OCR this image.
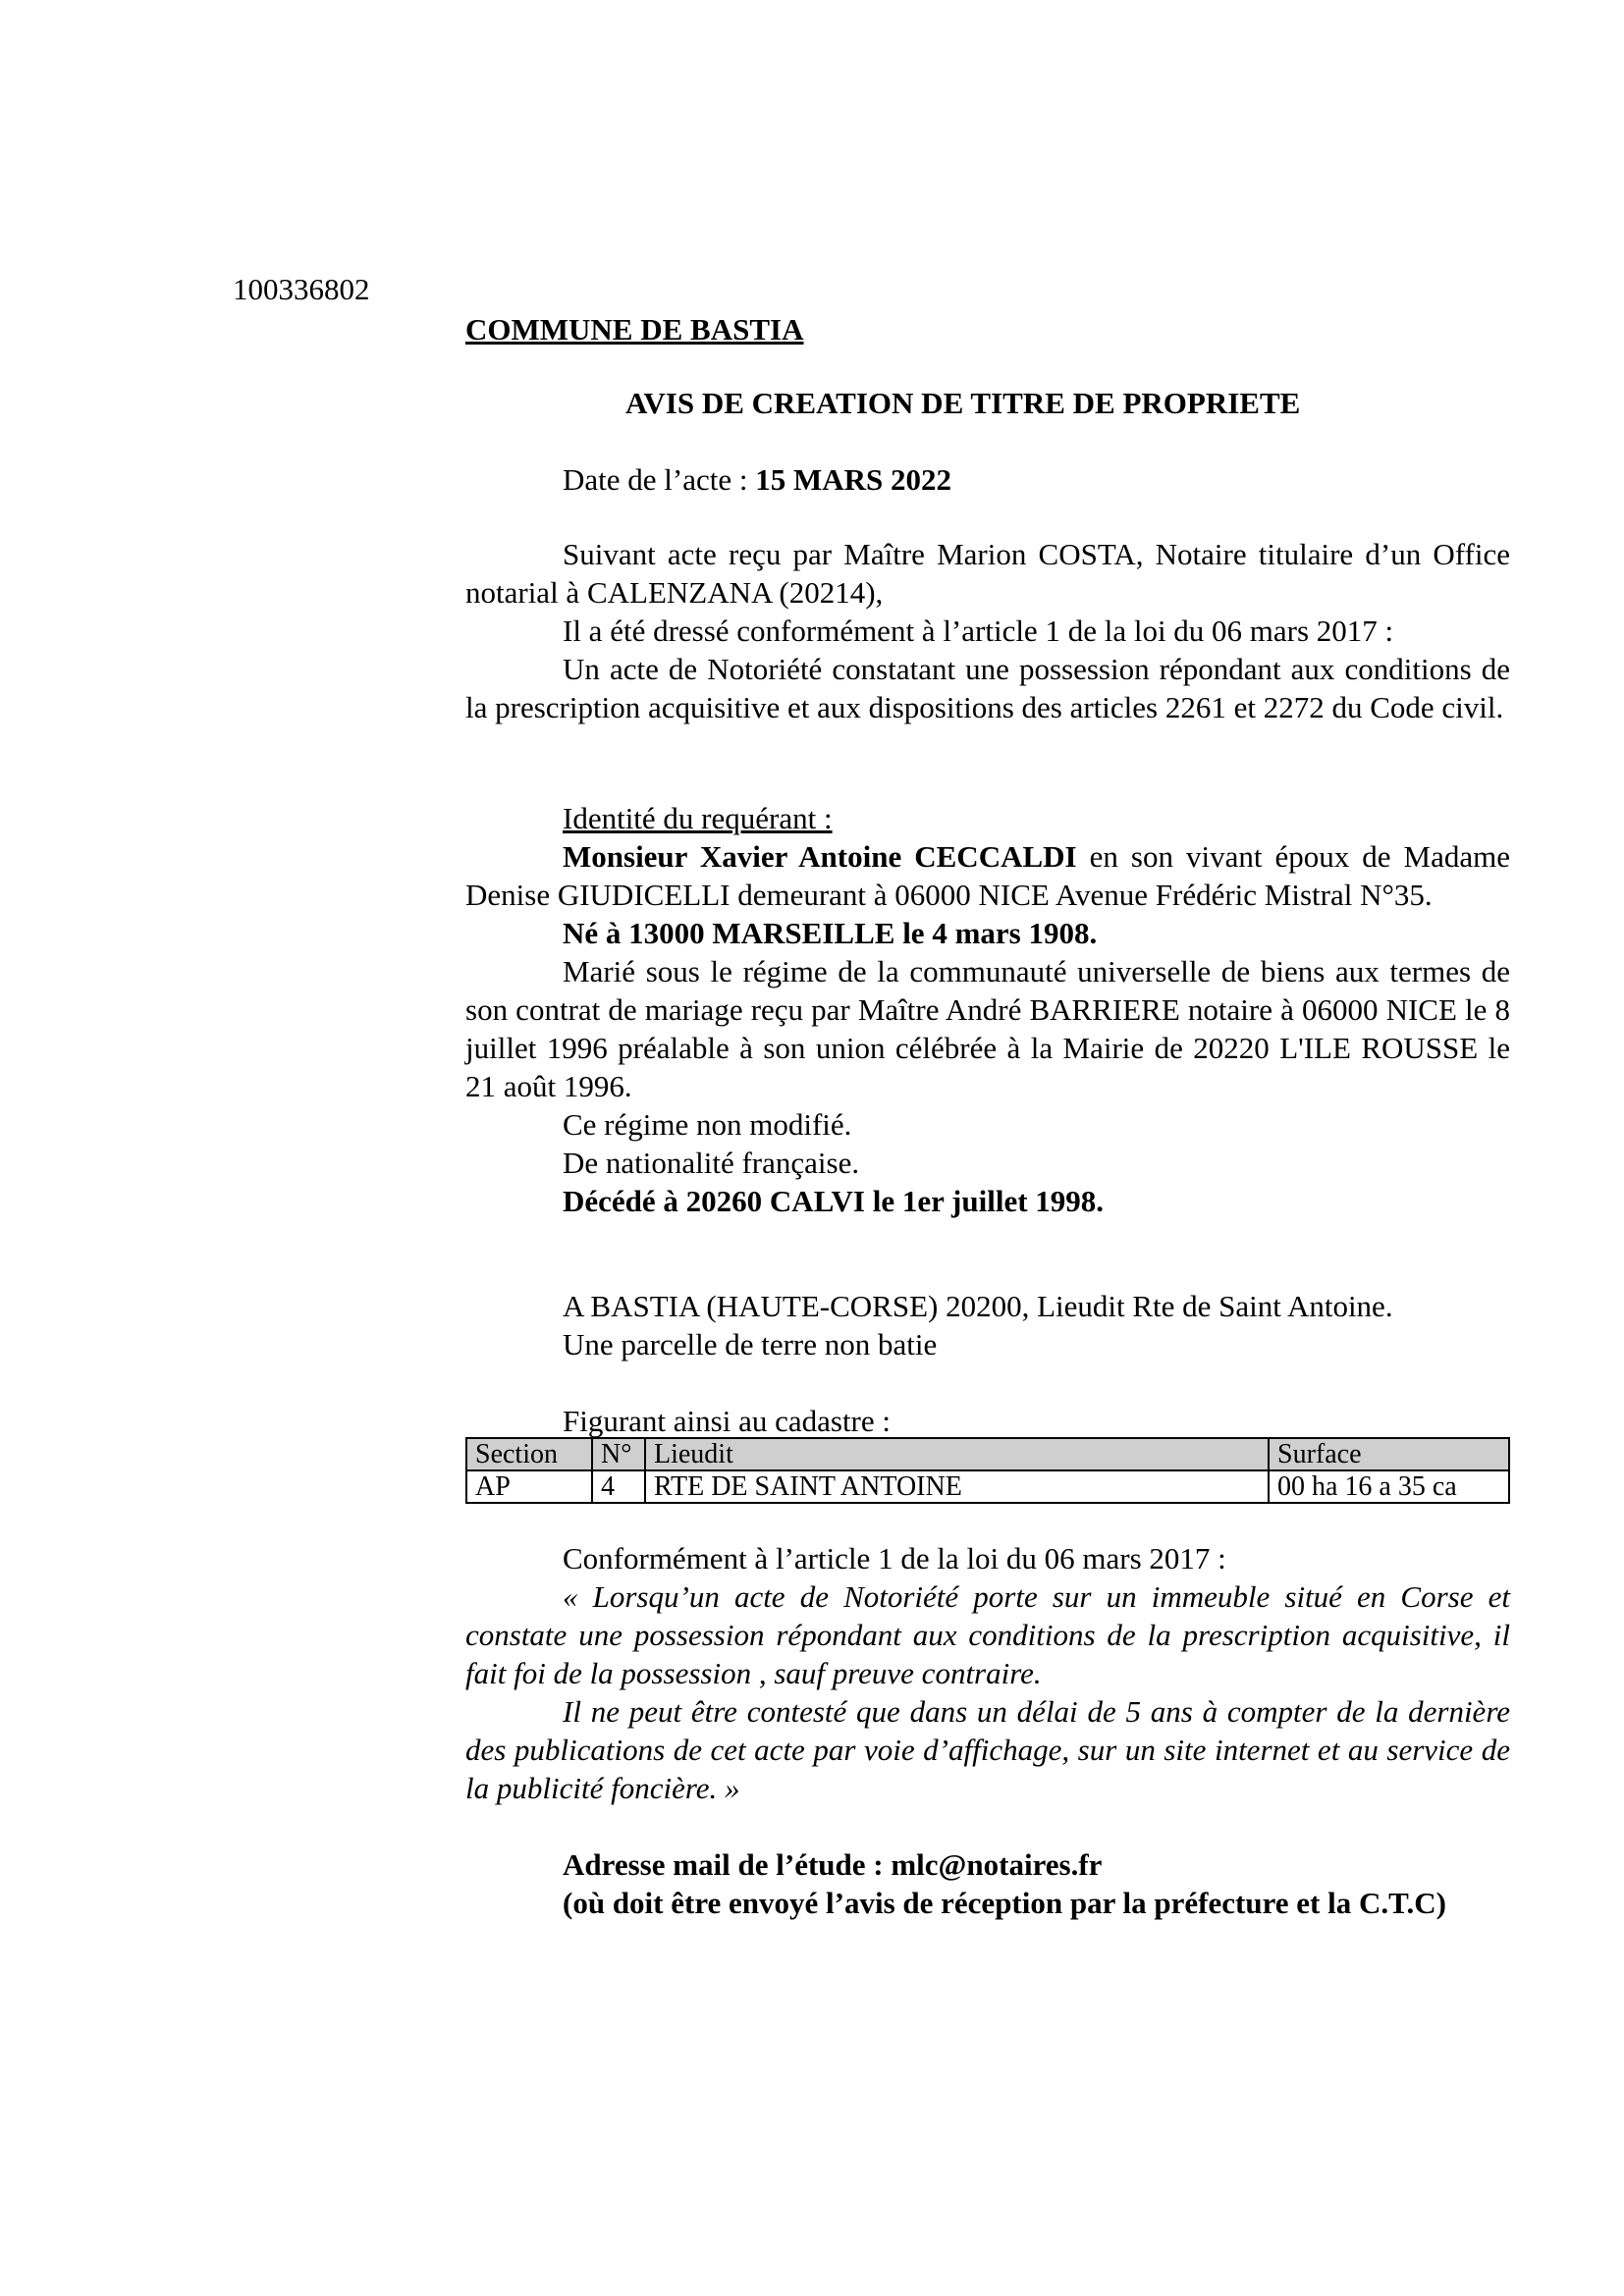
100336802
COMMUNE DE BASTIA
AVIS DE CREATION DE TITRE DE PROPRIETE
Date de l’acte : 15 MARS 2022

Suivant acte reçu par Maître Marion COSTA, Notaire titulaire d’un Office notarial à CALENZANA (20214),

Il a été dressé conformément à l’article 1 de la loi du 06 mars 2017 :

Un acte de Notoriété constatant une possession répondant aux conditions de la prescription acquisitive et aux dispositions des articles 2261 et 2272 du Code civil.

Identité du requérant :

Monsieur Xavier Antoine CECCALDI en son vivant époux de Madame Denise GIUDICELLI demeurant à 06000 NICE Avenue Frédéric Mistral N°35.

Né à 13000 MARSEILLE le 4 mars 1908.

Marié sous le régime de la communauté universelle de biens aux termes de son contrat de mariage reçu par Maître André BARRIERE notaire à 06000 NICE le 8 juillet 1996 préalable à son union célébrée à la Mairie de 20220 L'ILE ROUSSE le 21 août 1996.

Ce régime non modifié.

De nationalité française.

Décédé à 20260 CALVI le 1er juillet 1998.

A BASTIA (HAUTE-CORSE) 20200, Lieudit Rte de Saint Antoine.

Une parcelle de terre non batie

Figurant ainsi au cadastre :

Section	N°	Lieudit	Surface
AP	4	RTE DE SAINT ANTOINE	00 ha 16 a 35 ca

Conformément à l’article 1 de la loi du 06 mars 2017 :

« Lorsqu’un acte de Notoriété porte sur un immeuble situé en Corse et constate une possession répondant aux conditions de la prescription acquisitive, il fait foi de la possession , sauf preuve contraire.

Il ne peut être contesté que dans un délai de 5 ans à compter de la dernière des publications de cet acte par voie d’affichage, sur un site internet et au service de la publicité foncière. »

Adresse mail de l’étude : mlc@notaires.fr

(où doit être envoyé l’avis de réception par la préfecture et la C.T.C)
